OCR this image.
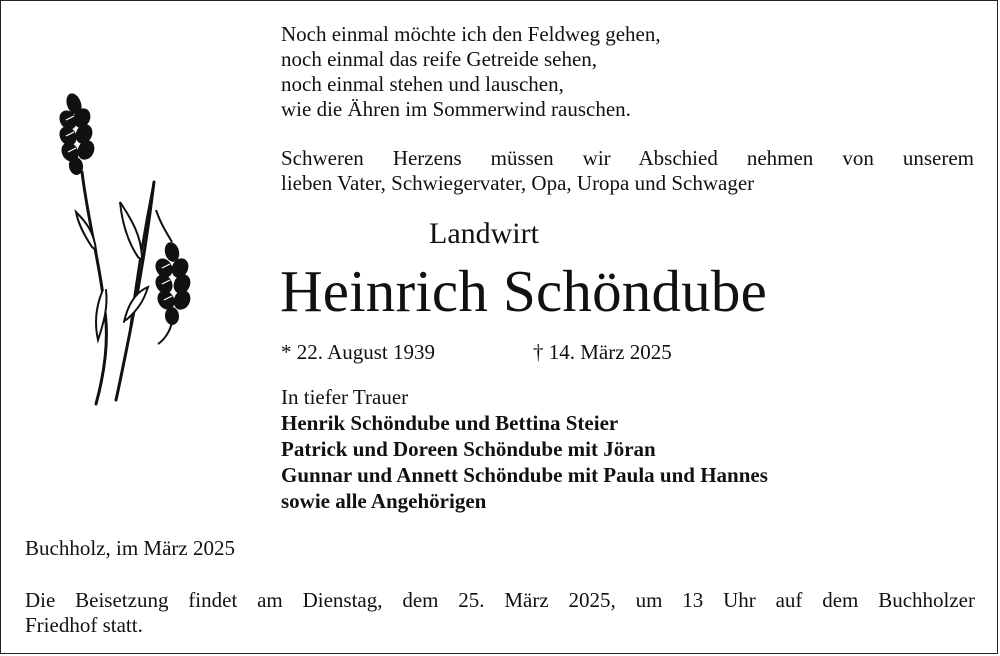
Noch einmal möchte ich den Feldweg gehen,
noch einmal das reife Getreide sehen,
noch einmal stehen und lauschen,
wie die Ähren im Sommerwind rauschen.
Schweren Herzens müssen wir Abschied nehmen von unserem
lieben Vater, Schwiegervater, Opa, Uropa und Schwager
Landwirt
Heinrich Schöndube
* 22. August 1939	† 14. März 2025
In tiefer Trauer
Henrik Schöndube und Bettina Steier
Patrick und Doreen Schöndube mit Jöran
Gunnar und Annett Schöndube mit Paula und Hannes
sowie alle Angehörigen
Buchholz, im März 2025
Die Beisetzung findet am Dienstag, dem 25. März 2025, um 13 Uhr auf dem Buchholzer
Friedhof statt.
